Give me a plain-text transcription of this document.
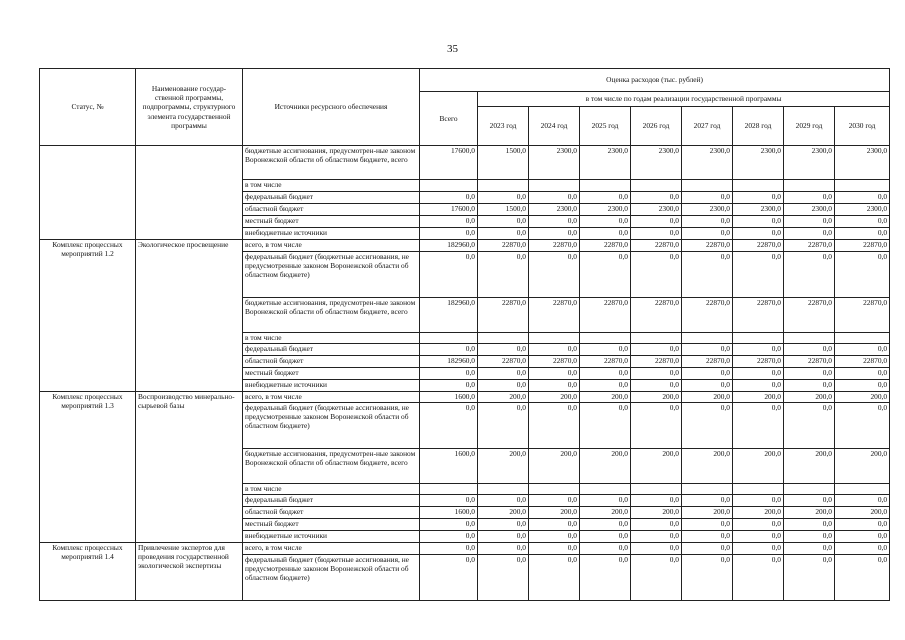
35
Статус, №	Наименование государ-ственной программы, подпрограммы, структурного элемента государственной программы	Источники ресурсного обеспечения	Оценка расходов (тыс. рублей)								
			Всего	в том числе по годам реализации государственной программы							
				2023 год	2024 год	2025 год	2026 год	2027 год	2028 год	2029 год	2030 год
		бюджетные ассигнования, предусмотрен-ные законом Воронежской области об областном бюджете, всего	17600,0	1500,0	2300,0	2300,0	2300,0	2300,0	2300,0	2300,0	2300,0
		в том числе									
		федеральный бюджет	0,0	0,0	0,0	0,0	0,0	0,0	0,0	0,0	0,0
		областной бюджет	17600,0	1500,0	2300,0	2300,0	2300,0	2300,0	2300,0	2300,0	2300,0
		местный бюджет	0,0	0,0	0,0	0,0	0,0	0,0	0,0	0,0	0,0
		внебюджетные источники	0,0	0,0	0,0	0,0	0,0	0,0	0,0	0,0	0,0
Комплекс процессных мероприятий 1.2	Экологическое просвещение	всего, в том числе	182960,0	22870,0	22870,0	22870,0	22870,0	22870,0	22870,0	22870,0	22870,0
		федеральный бюджет (бюджетные ассигнования, не предусмотренные законом Воронежской области об областном бюджете)	0,0	0,0	0,0	0,0	0,0	0,0	0,0	0,0	0,0
		бюджетные ассигнования, предусмотрен-ные законом Воронежской области об областном бюджете, всего	182960,0	22870,0	22870,0	22870,0	22870,0	22870,0	22870,0	22870,0	22870,0
		в том числе									
		федеральный бюджет	0,0	0,0	0,0	0,0	0,0	0,0	0,0	0,0	0,0
		областной бюджет	182960,0	22870,0	22870,0	22870,0	22870,0	22870,0	22870,0	22870,0	22870,0
		местный бюджет	0,0	0,0	0,0	0,0	0,0	0,0	0,0	0,0	0,0
		внебюджетные источники	0,0	0,0	0,0	0,0	0,0	0,0	0,0	0,0	0,0
Комплекс процессных мероприятий 1.3	Воспроизводство минерально-сырьевой базы	всего, в том числе	1600,0	200,0	200,0	200,0	200,0	200,0	200,0	200,0	200,0
		федеральный бюджет (бюджетные ассигнования, не предусмотренные законом Воронежской области об областном бюджете)	0,0	0,0	0,0	0,0	0,0	0,0	0,0	0,0	0,0
		бюджетные ассигнования, предусмотрен-ные законом Воронежской области об областном бюджете, всего	1600,0	200,0	200,0	200,0	200,0	200,0	200,0	200,0	200,0
		в том числе									
		федеральный бюджет	0,0	0,0	0,0	0,0	0,0	0,0	0,0	0,0	0,0
		областной бюджет	1600,0	200,0	200,0	200,0	200,0	200,0	200,0	200,0	200,0
		местный бюджет	0,0	0,0	0,0	0,0	0,0	0,0	0,0	0,0	0,0
		внебюджетные источники	0,0	0,0	0,0	0,0	0,0	0,0	0,0	0,0	0,0
Комплекс процессных мероприятий 1.4	Привлечение экспертов для проведения государственной экологической экспертизы	всего, в том числе	0,0	0,0	0,0	0,0	0,0	0,0	0,0	0,0	0,0
		федеральный бюджет (бюджетные ассигнования, не предусмотренные законом Воронежской области об областном бюджете)	0,0	0,0	0,0	0,0	0,0	0,0	0,0	0,0	0,0
